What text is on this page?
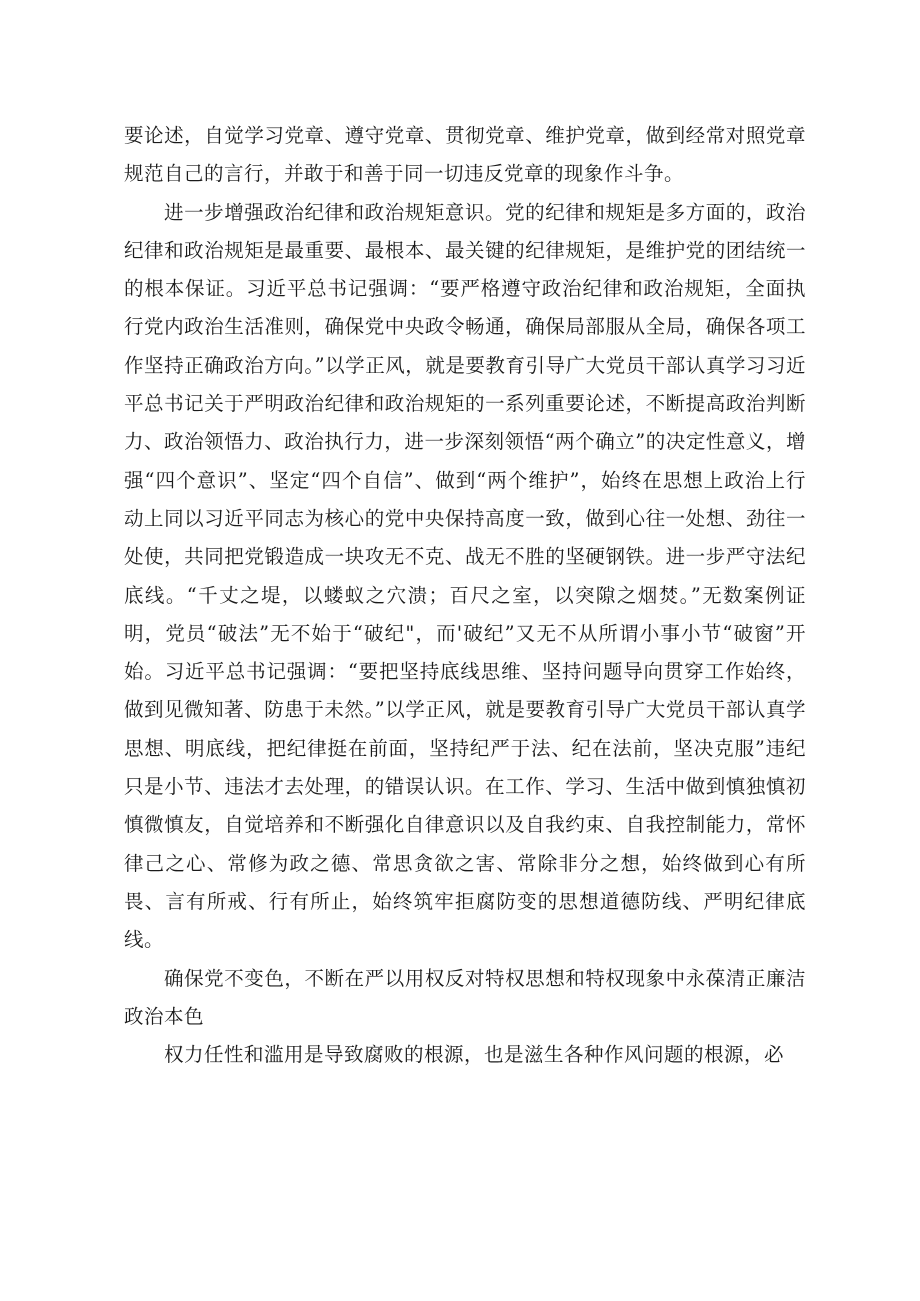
要论述，自觉学习党章、遵守党章、贯彻党章、维护党章，做到经常对照党章规范自己的言行，并敢于和善于同一切违反党章的现象作斗争。

进一步增强政治纪律和政治规矩意识。党的纪律和规矩是多方面的，政治纪律和政治规矩是最重要、最根本、最关键的纪律规矩，是维护党的团结统一的根本保证。习近平总书记强调：“要严格遵守政治纪律和政治规矩，全面执行党内政治生活准则，确保党中央政令畅通，确保局部服从全局，确保各项工作坚持正确政治方向。”以学正风，就是要教育引导广大党员干部认真学习习近平总书记关于严明政治纪律和政治规矩的一系列重要论述，不断提高政治判断力、政治领悟力、政治执行力，进一步深刻领悟“两个确立”的决定性意义，增强“四个意识”、坚定“四个自信”、做到“两个维护”，始终在思想上政治上行动上同以习近平同志为核心的党中央保持高度一致，做到心往一处想、劲往一处使，共同把党锻造成一块攻无不克、战无不胜的坚硬钢铁。进一步严守法纪底线。“千丈之堤，以蝼蚁之穴溃；百尺之室，以突隙之烟焚。”无数案例证明，党员“破法”无不始于“破纪"，而'破纪”又无不从所谓小事小节“破窗”开始。习近平总书记强调：“要把坚持底线思维、坚持问题导向贯穿工作始终，做到见微知著、防患于未然。”以学正风，就是要教育引导广大党员干部认真学思想、明底线，把纪律挺在前面，坚持纪严于法、纪在法前，坚决克服”违纪只是小节、违法才去处理，的错误认识。在工作、学习、生活中做到慎独慎初慎微慎友，自觉培养和不断强化自律意识以及自我约束、自我控制能力，常怀律己之心、常修为政之德、常思贪欲之害、常除非分之想，始终做到心有所畏、言有所戒、行有所止，始终筑牢拒腐防变的思想道德防线、严明纪律底线。

确保党不变色，不断在严以用权反对特权思想和特权现象中永葆清正廉洁政治本色

权力任性和滥用是导致腐败的根源，也是滋生各种作风问题的根源，必
